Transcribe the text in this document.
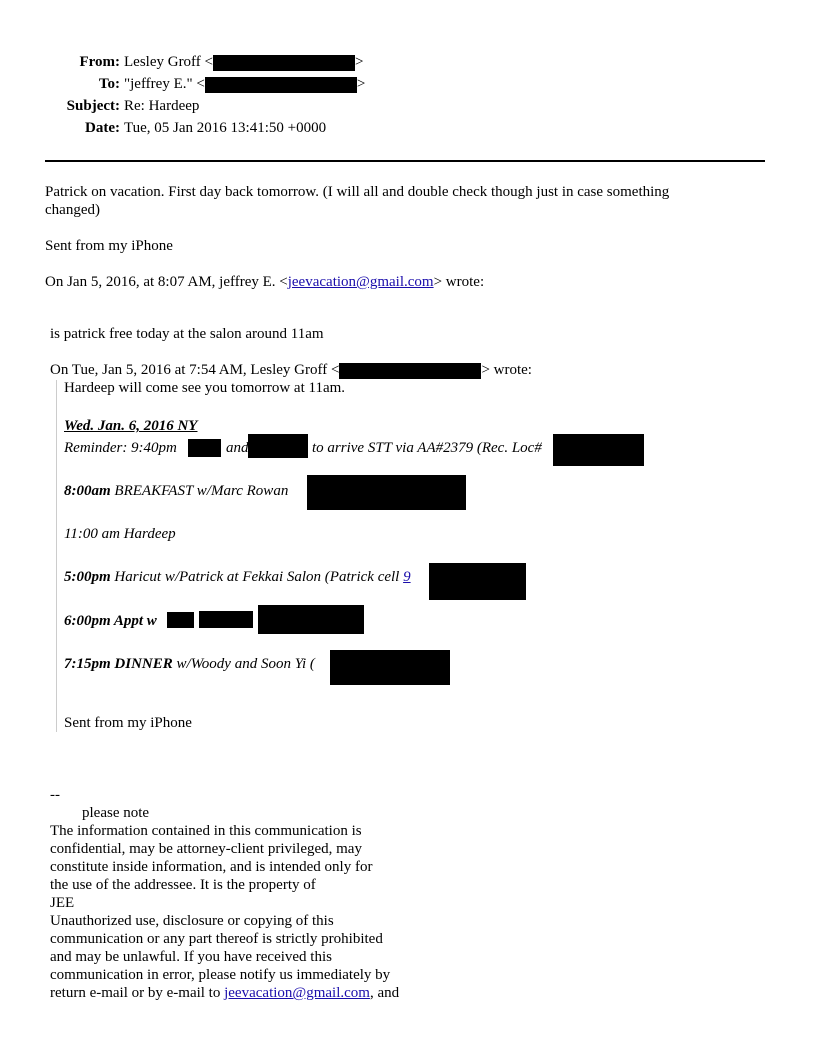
From: Lesley Groff <	>
To: "jeffrey E." <	>
Subject: Re: Hardeep
Date: Tue, 05 Jan 2016 13:41:50 +0000
Patrick on vacation. First day back tomorrow. (I will all and double check though just in case something
changed)
Sent from my iPhone
On Jan 5, 2016, at 8:07 AM, jeffrey E. <jeevacation@gmail.com> wrote:
is patrick free today at the salon around 11am
On Tue, Jan 5, 2016 at 7:54 AM, Lesley Groff <	> wrote:
Hardeep will come see you tomorrow at 11am.
Wed. Jan. 6, 2016 NY
Reminder: 9:40pm	and	to arrive STT via AA#2379 (Rec. Loc#
8:00am BREAKFAST w/Marc Rowan
11:00 am Hardeep
5:00pm Haricut w/Patrick at Fekkai Salon (Patrick cell 9
6:00pm Appt w
7:15pm DINNER w/Woody and Soon Yi (
Sent from my iPhone
--
please note
The information contained in this communication is
confidential, may be attorney-client privileged, may
constitute inside information, and is intended only for
the use of the addressee. It is the property of
JEE
Unauthorized use, disclosure or copying of this
communication or any part thereof is strictly prohibited
and may be unlawful. If you have received this
communication in error, please notify us immediately by
return e-mail or by e-mail to jeevacation@gmail.com, and
